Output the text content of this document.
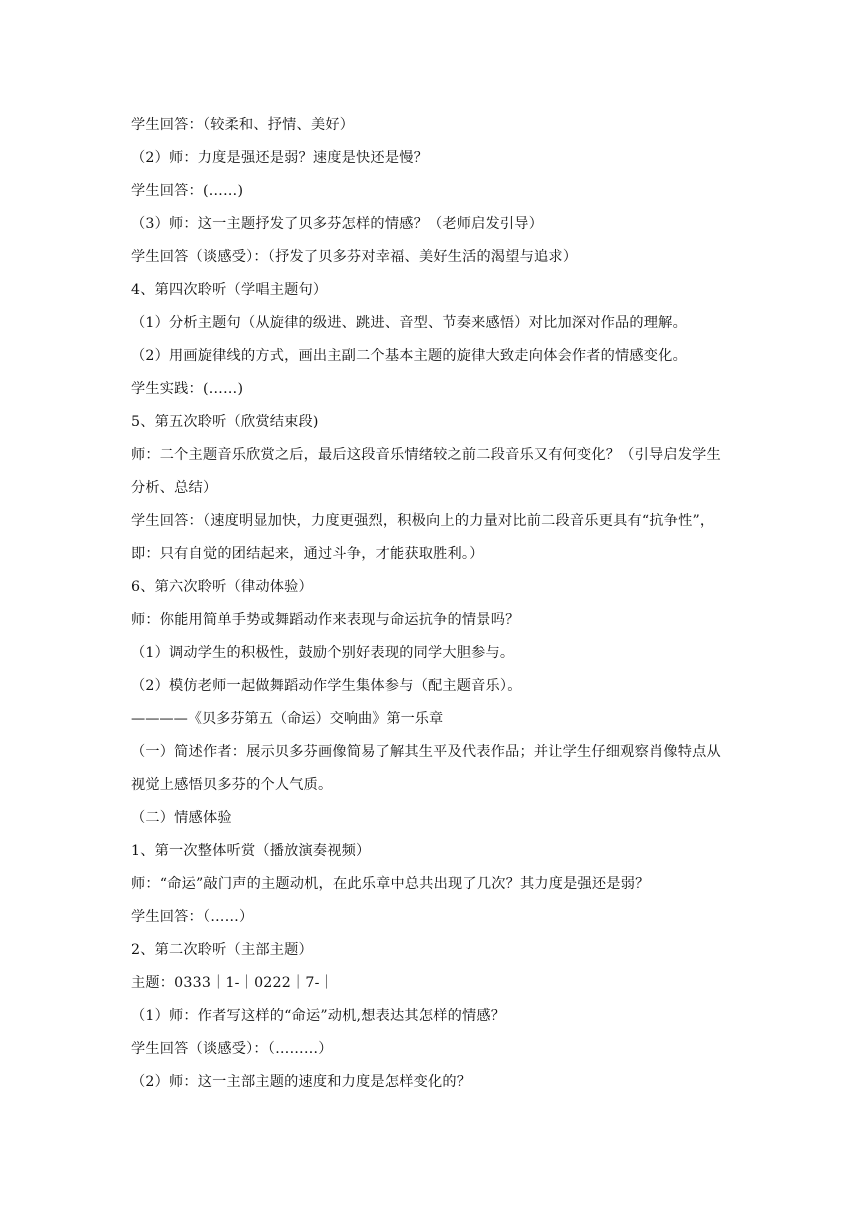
学生回答：（较柔和、抒情、美好）
（2）师：力度是强还是弱？速度是快还是慢？
学生回答：(……)
（3）师：这一主题抒发了贝多芬怎样的情感？（老师启发引导）
学生回答（谈感受）：（抒发了贝多芬对幸福、美好生活的渴望与追求）
4、第四次聆听（学唱主题句）
（1）分析主题句（从旋律的级进、跳进、音型、节奏来感悟）对比加深对作品的理解。
（2）用画旋律线的方式，画出主副二个基本主题的旋律大致走向体会作者的情感变化。
学生实践：(……)
5、第五次聆听（欣赏结束段)
师：二个主题音乐欣赏之后，最后这段音乐情绪较之前二段音乐又有何变化？（引导启发学生分析、总结）
学生回答：（速度明显加快，力度更强烈，积极向上的力量对比前二段音乐更具有“抗争性”，即：只有自觉的团结起来，通过斗争，才能获取胜利。）
6、第六次聆听（律动体验）
师：你能用简单手势或舞蹈动作来表现与命运抗争的情景吗？
（1）调动学生的积极性，鼓励个别好表现的同学大胆参与。
（2）模仿老师一起做舞蹈动作学生集体参与（配主题音乐）。
————《贝多芬第五（命运）交响曲》第一乐章
（一）简述作者：展示贝多芬画像简易了解其生平及代表作品；并让学生仔细观察肖像特点从视觉上感悟贝多芬的个人气质。
（二）情感体验
1、第一次整体听赏（播放演奏视频）
师：“命运”敲门声的主题动机，在此乐章中总共出现了几次？其力度是强还是弱？
学生回答：（……）
2、第二次聆听（主部主题）
主题：0333｜1-｜0222｜7-｜
（1）师：作者写这样的“命运”动机,想表达其怎样的情感？
学生回答（谈感受）：（………）
（2）师：这一主部主题的速度和力度是怎样变化的？
